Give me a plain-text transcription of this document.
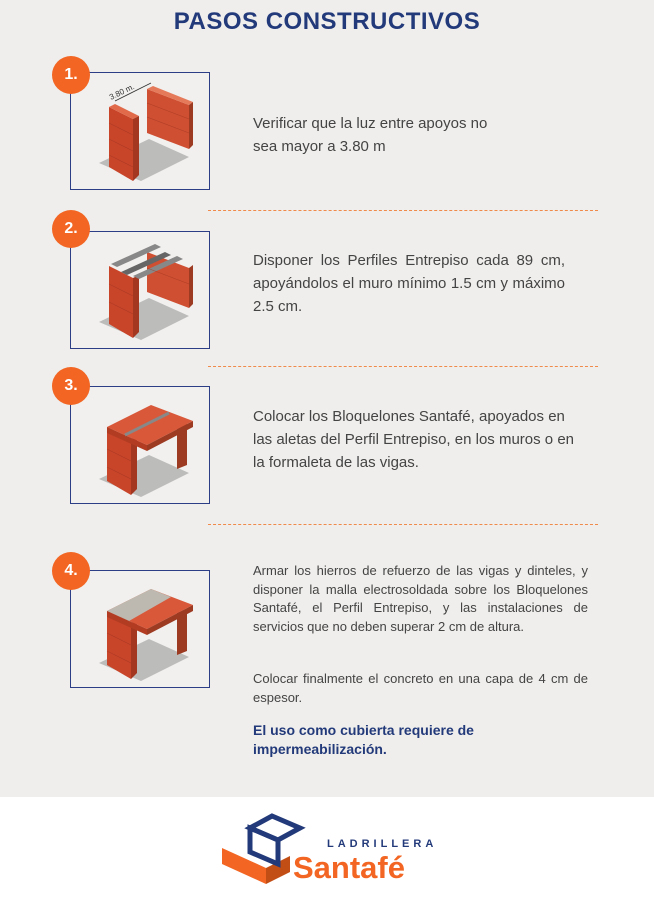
PASOS CONSTRUCTIVOS
3.80 m.
1.

Verificar que la luz entre apoyos no sea mayor a 3.80 m

2.

Disponer los Perfiles Entrepiso cada 89 cm, apoyándolos el muro mínimo 1.5 cm y máximo 2.5 cm.

3.

Colocar los Bloquelones Santafé, apoyados en las aletas del Perfil Entrepiso, en los muros o en la formaleta de las vigas.

4.	Armar los hierros de refuerzo de las vigas y dinteles, y disponer la malla electrosoldada sobre los Bloquelones Santafé, el Perfil Entrepiso, y las instalaciones de servicios que no deben superar 2 cm de altura.

Colocar finalmente el concreto en una capa de 4 cm de espesor.

El uso como cubierta requiere de impermeabilización.

LADRILLERA
Santafé
